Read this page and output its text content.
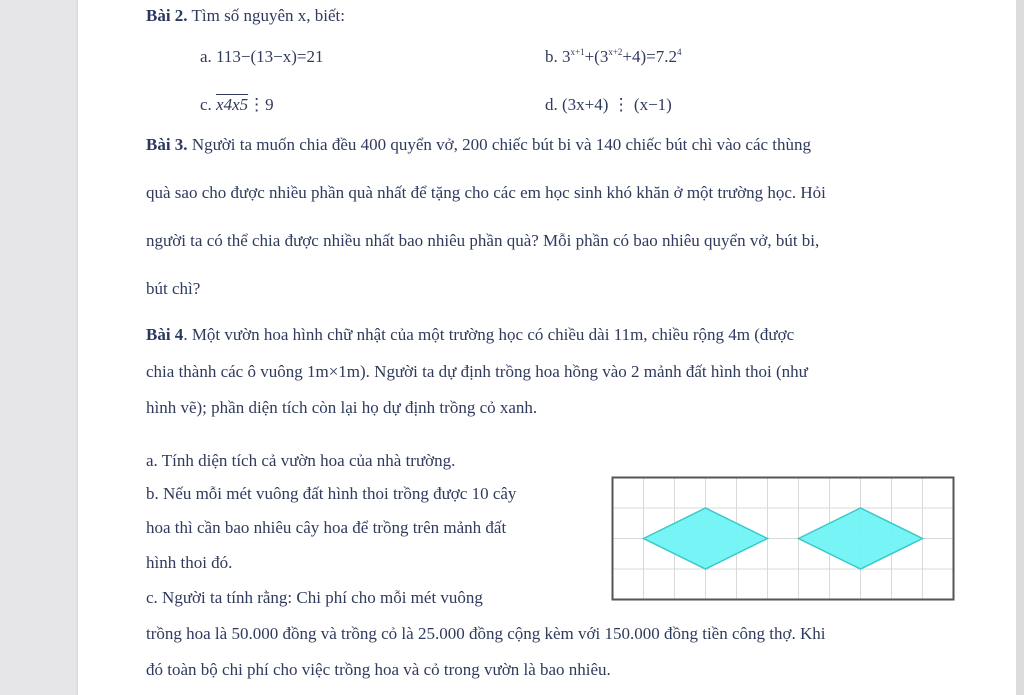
Bài 2. Tìm số nguyên x, biết:
a. 113−(13−x)=21	b. $3^{x+1}+(3^{x+2}+4)=7.2^4$
c. x4x5⋮9	d. (3x+4) ⋮ (x−1)
Bài 3. Người ta muốn chia đều 400 quyển vở, 200 chiếc bút bi và 140 chiếc bút chì vào các thùng
quà sao cho được nhiều phần quà nhất để tặng cho các em học sinh khó khăn ở một trường học. Hỏi
người ta có thể chia được nhiều nhất bao nhiêu phần quà? Mỗi phần có bao nhiêu quyển vở, bút bi,
bút chì?
Bài 4. Một vườn hoa hình chữ nhật của một trường học có chiều dài 11m, chiều rộng 4m (được
chia thành các ô vuông 1m×1m). Người ta dự định trồng hoa hồng vào 2 mảnh đất hình thoi (như
hình vẽ); phần diện tích còn lại họ dự định trồng cỏ xanh.
a. Tính diện tích cả vườn hoa của nhà trường.
b. Nếu mỗi mét vuông đất hình thoi trồng được 10 cây
hoa thì cần bao nhiêu cây hoa để trồng trên mảnh đất
hình thoi đó.
c. Người ta tính rằng: Chi phí cho mỗi mét vuông
trồng hoa là 50.000 đồng và trồng cỏ là 25.000 đồng cộng kèm với 150.000 đồng tiền công thợ. Khi
đó toàn bộ chi phí cho việc trồng hoa và cỏ trong vườn là bao nhiêu.
